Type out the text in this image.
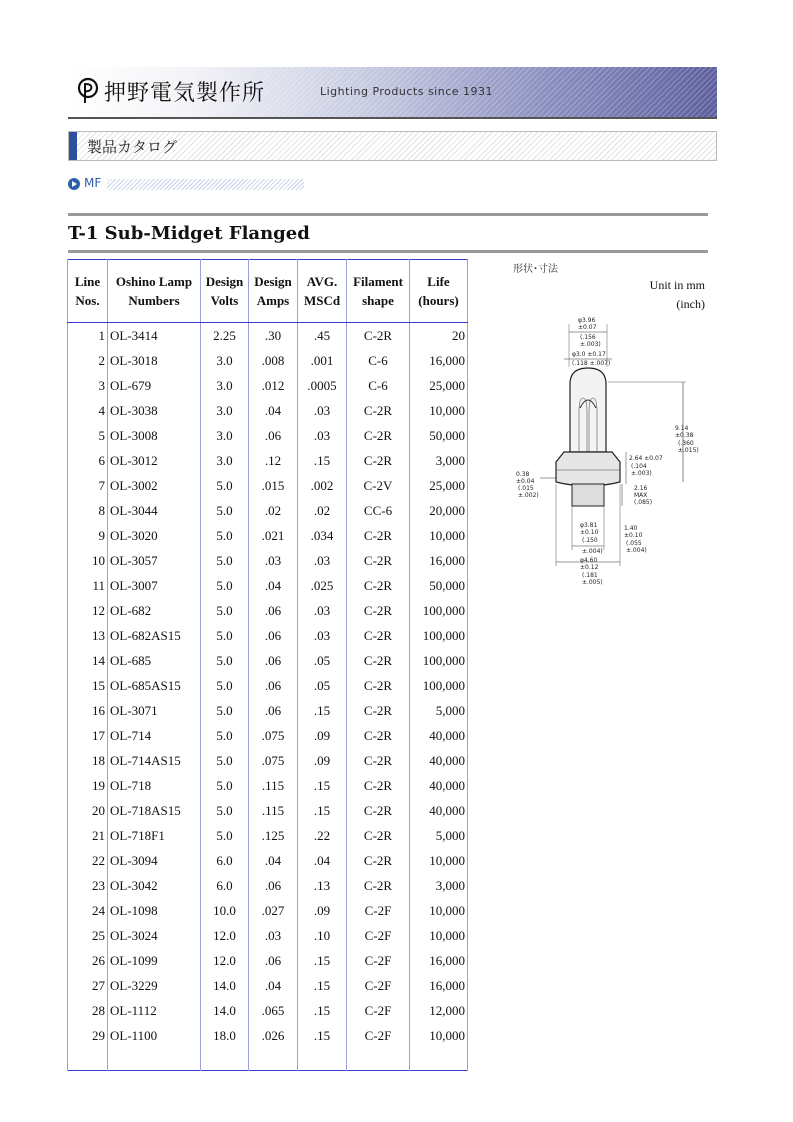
押野電気製作所	Lighting Products since 1931
製品カタログ
MF
T-1 Sub-Midget Flanged
Line Nos.	Oshino Lamp Numbers	Design Volts	Design Amps	AVG. MSCd	Filament shape	Life (hours)
1	OL-3414	2.25	.30	.45	C-2R	20
2	OL-3018	3.0	.008	.001	C-6	16,000
3	OL-679	3.0	.012	.0005	C-6	25,000
4	OL-3038	3.0	.04	.03	C-2R	10,000
5	OL-3008	3.0	.06	.03	C-2R	50,000
6	OL-3012	3.0	.12	.15	C-2R	3,000
7	OL-3002	5.0	.015	.002	C-2V	25,000
8	OL-3044	5.0	.02	.02	CC-6	20,000
9	OL-3020	5.0	.021	.034	C-2R	10,000
10	OL-3057	5.0	.03	.03	C-2R	16,000
11	OL-3007	5.0	.04	.025	C-2R	50,000
12	OL-682	5.0	.06	.03	C-2R	100,000
13	OL-682AS15	5.0	.06	.03	C-2R	100,000
14	OL-685	5.0	.06	.05	C-2R	100,000
15	OL-685AS15	5.0	.06	.05	C-2R	100,000
16	OL-3071	5.0	.06	.15	C-2R	5,000
17	OL-714	5.0	.075	.09	C-2R	40,000
18	OL-714AS15	5.0	.075	.09	C-2R	40,000
19	OL-718	5.0	.115	.15	C-2R	40,000
20	OL-718AS15	5.0	.115	.15	C-2R	40,000
21	OL-718F1	5.0	.125	.22	C-2R	5,000
22	OL-3094	6.0	.04	.04	C-2R	10,000
23	OL-3042	6.0	.06	.13	C-2R	3,000
24	OL-1098	10.0	.027	.09	C-2F	10,000
25	OL-3024	12.0	.03	.10	C-2F	10,000
26	OL-1099	12.0	.06	.15	C-2F	16,000
27	OL-3229	14.0	.04	.15	C-2F	16,000
28	OL-1112	14.0	.065	.15	C-2F	12,000
29	OL-1100	18.0	.026	.15	C-2F	10,000

形状･寸法
Unit in mm
(inch)
φ3.96
±0.07
(.156
±.003)
φ3.0 ±0.17
(.118 ±.007)
9.14
±0.38
(.360
±.015)
2.64 ±0.07
(.104
±.003)
2.16
MAX
(.085)
0.38
±0.04
(.015
±.002)
φ3.81
±0.10
(.150
±.004)
1.40
±0.10
(.055
±.004)
φ4.60
±0.12
(.181
±.005)
